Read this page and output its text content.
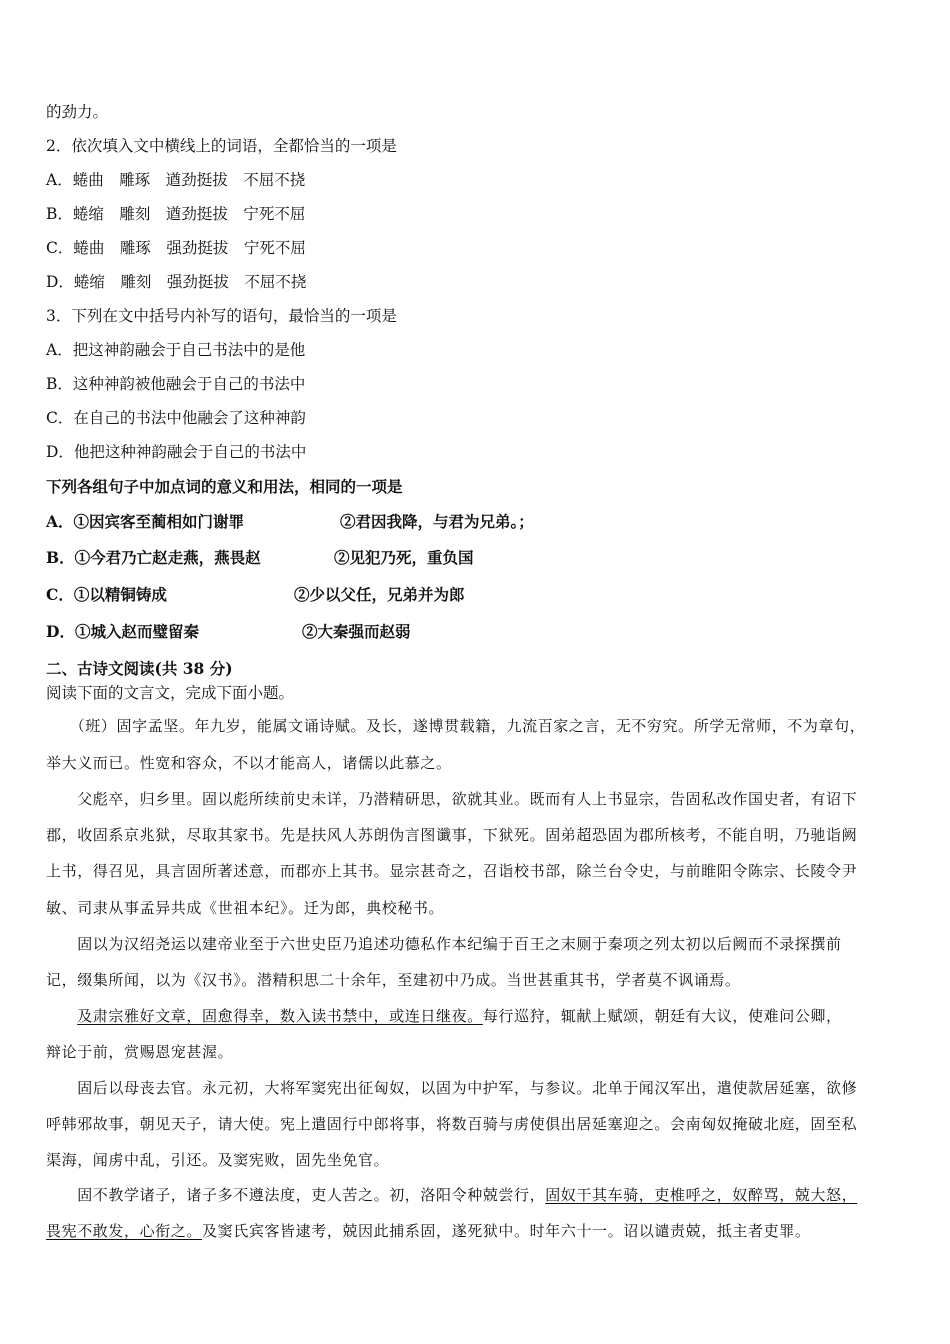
的劲力。
2．依次填入文中横线上的词语，全都恰当的一项是
A．蜷曲　雕琢　遒劲挺拔　不屈不挠
B．蜷缩　雕刻　遒劲挺拔　宁死不屈
C．蜷曲　雕琢　强劲挺拔　宁死不屈
D．蜷缩　雕刻　强劲挺拔　不屈不挠
3．下列在文中括号内补写的语句，最恰当的一项是
A．把这神韵融会于自己书法中的是他
B．这种神韵被他融会于自己的书法中
C．在自己的书法中他融会了这种神韵
D．他把这种神韵融会于自己的书法中
下列各组句子中加点词的意义和用法，相同的一项是
A．①因宾客至蔺相如门谢罪	②君因我降，与君为兄弟。；
B．①今君乃亡赵走燕，燕畏赵	②见犯乃死，重负国
C．①以精铜铸成	②少以父任，兄弟并为郎
D．①城入赵而璧留秦	②大秦强而赵弱
二、古诗文阅读(共 38 分)
阅读下面的文言文，完成下面小题。
　　（班）固字孟坚。年九岁，能属文诵诗赋。及长，遂博贯载籍，九流百家之言，无不穷究。所学无常师，不为章句，
举大义而已。性宽和容众，不以才能高人，诸儒以此慕之。
　　父彪卒，归乡里。固以彪所续前史未详，乃潜精研思，欲就其业。既而有人上书显宗，告固私改作国史者，有诏下
郡，收固系京兆狱，尽取其家书。先是扶风人苏朗伪言图谶事，下狱死。固弟超恐固为郡所核考，不能自明，乃驰诣阙
上书，得召见，具言固所著述意，而郡亦上其书。显宗甚奇之，召诣校书部，除兰台令史，与前睢阳令陈宗、长陵令尹
敏、司隶从事孟异共成《世祖本纪》。迁为郎，典校秘书。
　　固以为汉绍尧运以建帝业至于六世史臣乃追述功德私作本纪编于百王之末厕于秦项之列太初以后阙而不录探撰前
记，缀集所闻，以为《汉书》。潜精积思二十余年，至建初中乃成。当世甚重其书，学者莫不讽诵焉。
　　及肃宗雅好文章，固愈得幸，数入读书禁中，或连日继夜。每行巡狩，辄献上赋颂，朝廷有大议，使难问公卿，
辩论于前，赏赐恩宠甚渥。
　　固后以母丧去官。永元初，大将军窦宪出征匈奴，以固为中护军，与参议。北单于闻汉军出，遣使款居延塞，欲修
呼韩邪故事，朝见天子，请大使。宪上遣固行中郎将事，将数百骑与虏使俱出居延塞迎之。会南匈奴掩破北庭，固至私
渠海，闻虏中乱，引还。及窦宪败，固先坐免官。
　　固不教学诸子，诸子多不遵法度，吏人苦之。初，洛阳令种兢尝行，固奴干其车骑，吏椎呼之，奴醉骂，兢大怒，
畏宪不敢发，心衔之。及窦氏宾客皆逮考，兢因此捕系固，遂死狱中。时年六十一。诏以谴责兢，抵主者吏罪。
